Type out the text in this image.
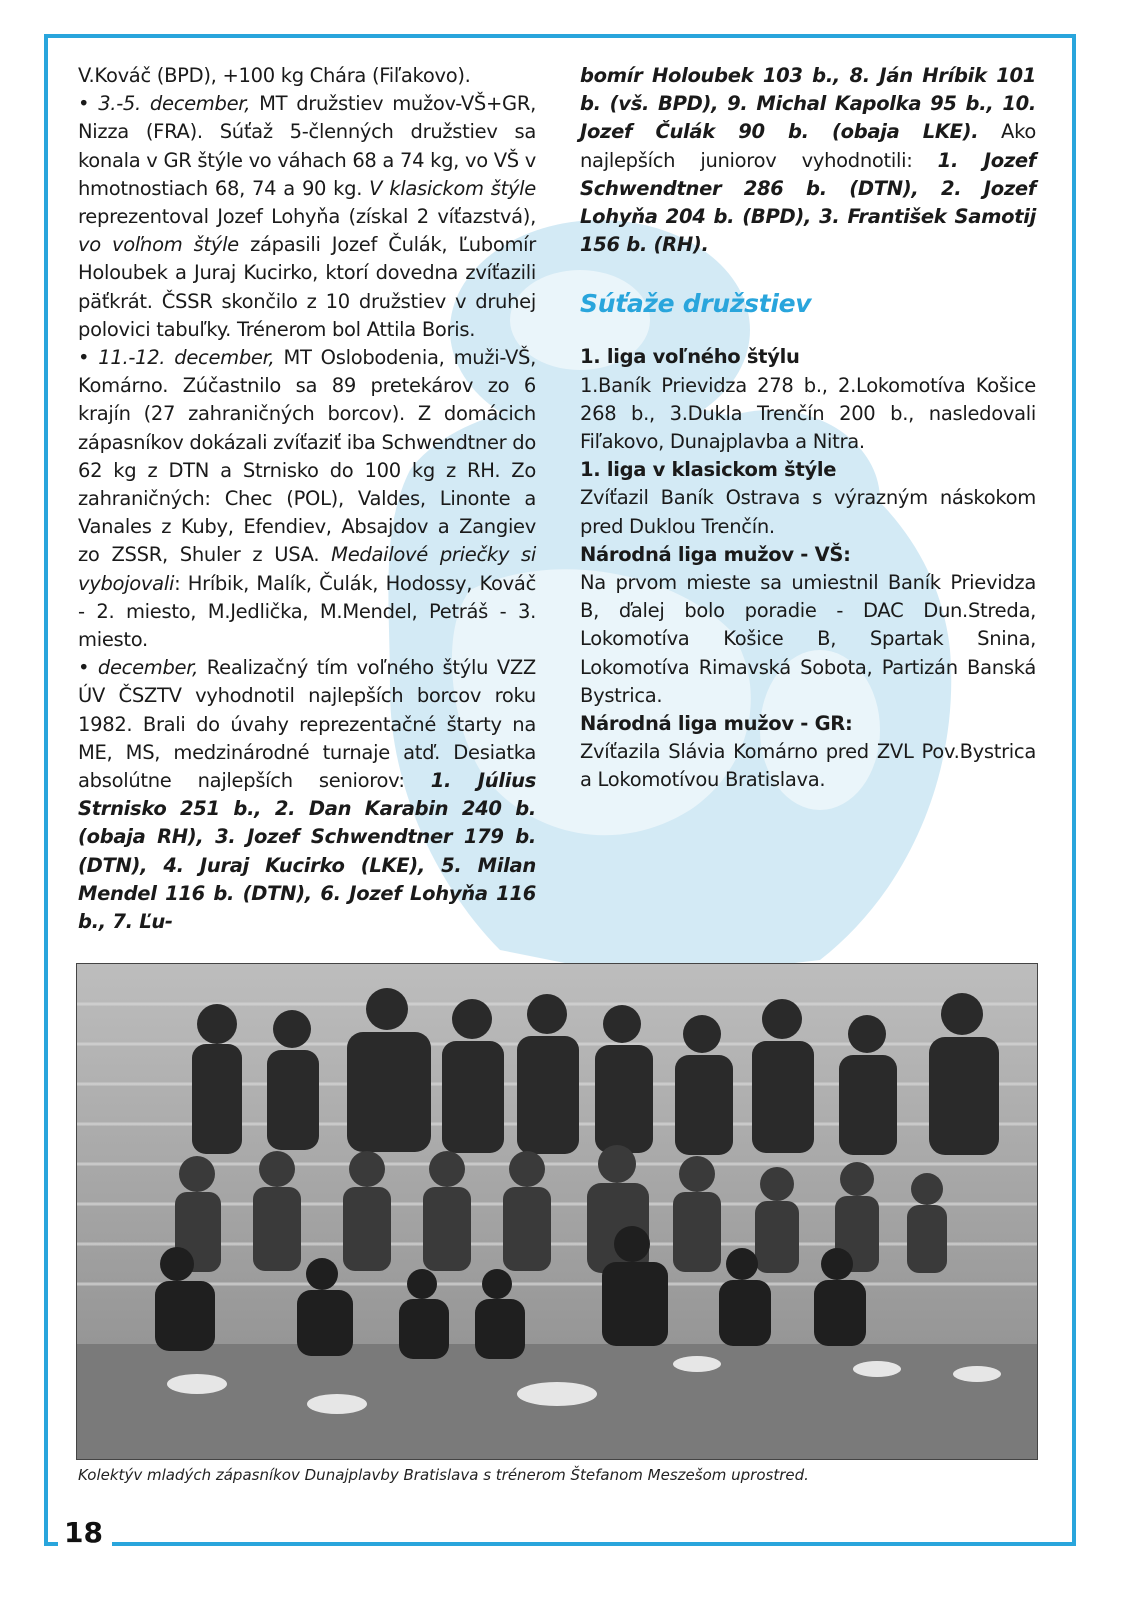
18

V.Kováč (BPD), +100 kg Chára (Fiľakovo).

• 3.-5. december, MT družstiev mužov-VŠ+GR, Nizza (FRA). Súťaž 5-členných družstiev sa konala v GR štýle vo váhach 68 a 74 kg, vo VŠ v hmotnostiach 68, 74 a 90 kg. V klasickom štýle reprezentoval Jozef Lohyňa (získal 2 víťazstvá), vo voľnom štýle zápasili Jozef Čulák, Ľubomír Holoubek a Juraj Kucirko, ktorí dovedna zvíťazili päťkrát. ČSSR skončilo z 10 družstiev v druhej polovici tabuľky. Trénerom bol Attila Boris.

• 11.-12. december, MT Oslobodenia, muži-VŠ, Komárno. Zúčastnilo sa 89 pretekárov zo 6 krajín (27 zahraničných borcov). Z domácich zápasníkov dokázali zvíťaziť iba Schwendtner do 62 kg z DTN a Strnisko do 100 kg z RH. Zo zahraničných: Chec (POL), Valdes, Linonte a Vanales z Kuby, Efendiev, Absajdov a Zangiev zo ZSSR, Shuler z USA. Medailové priečky si vybojovali: Hríbik, Malík, Čulák, Hodossy, Kováč - 2. miesto, M.Jedlička, M.Mendel, Petráš - 3. miesto.

• december, Realizačný tím voľného štýlu VZZ ÚV ČSZTV vyhodnotil najlepších borcov roku 1982. Brali do úvahy reprezentačné štarty na ME, MS, medzinárodné turnaje atď. Desiatka absolútne najlepších seniorov: 1. Július Strnisko 251 b., 2. Dan Karabin 240 b. (obaja RH), 3. Jozef Schwendtner 179 b. (DTN), 4. Juraj Kucirko (LKE), 5. Milan Mendel 116 b. (DTN), 6. Jozef Lohyňa 116 b., 7. Ľu-

bomír Holoubek 103 b., 8. Ján Hríbik 101 b. (vš. BPD), 9. Michal Kapolka 95 b., 10. Jozef Čulák 90 b. (obaja LKE). Ako najlepších juniorov vyhodnotili: 1. Jozef Schwendtner 286 b. (DTN), 2. Jozef Lohyňa 204 b. (BPD), 3. František Samotij 156 b. (RH).

Súťaže družstiev

1. liga voľného štýlu

1.Baník Prievidza 278 b., 2.Lokomotíva Košice 268 b., 3.Dukla Trenčín 200 b., nasledovali Fiľakovo, Dunajplavba a Nitra.

1. liga v klasickom štýle

Zvíťazil Baník Ostrava s výrazným náskokom pred Duklou Trenčín.

Národná liga mužov - VŠ:

Na prvom mieste sa umiestnil Baník Prievidza B, ďalej bolo poradie - DAC Dun.Streda, Lokomotíva Košice B, Spartak Snina, Lokomotíva Rimavská Sobota, Partizán Banská Bystrica.

Národná liga mužov - GR:

Zvíťazila Slávia Komárno pred ZVL Pov.Bystrica a Lokomotívou Bratislava.

Kolektýv mladých zápasníkov Dunajplavby Bratislava s trénerom Štefanom Meszešom uprostred.
